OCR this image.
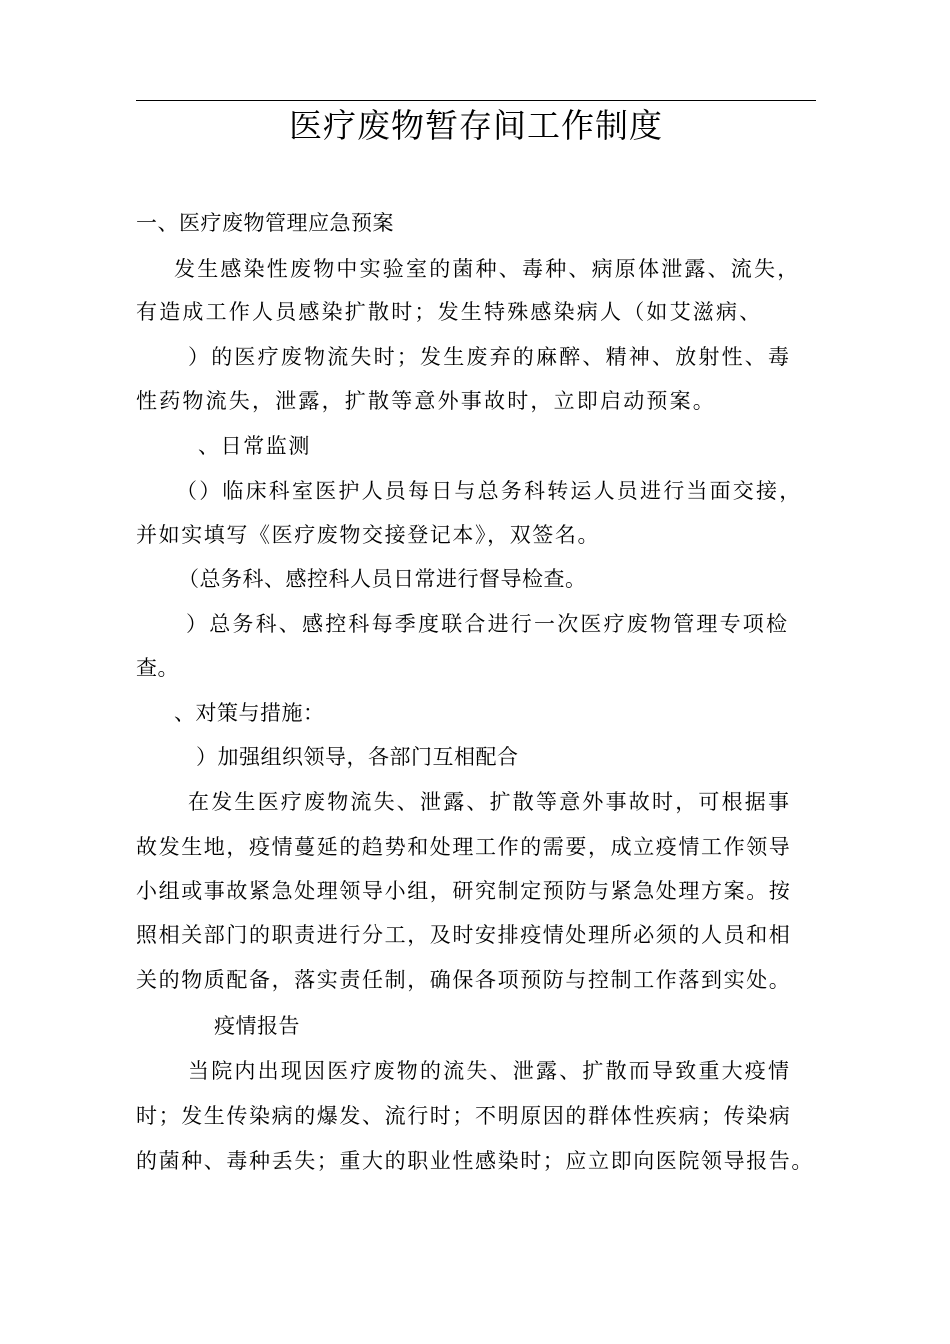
医疗废物暂存间工作制度
一、医疗废物管理应急预案
发生感染性废物中实验室的菌种、毒种、病原体泄露、流失，
有造成工作人员感染扩散时；发生特殊感染病人（如艾滋病、
）的医疗废物流失时；发生废弃的麻醉、精神、放射性、毒
性药物流失，泄露，扩散等意外事故时，立即启动预案。
、日常监测
（）临床科室医护人员每日与总务科转运人员进行当面交接，
并如实填写《医疗废物交接登记本》，双签名。
（总务科、感控科人员日常进行督导检查。
）总务科、感控科每季度联合进行一次医疗废物管理专项检
查。
、对策与措施：
）加强组织领导，各部门互相配合
在发生医疗废物流失、泄露、扩散等意外事故时，可根据事
故发生地，疫情蔓延的趋势和处理工作的需要，成立疫情工作领导
小组或事故紧急处理领导小组，研究制定预防与紧急处理方案。按
照相关部门的职责进行分工，及时安排疫情处理所必须的人员和相
关的物质配备，落实责任制，确保各项预防与控制工作落到实处。
疫情报告
当院内出现因医疗废物的流失、泄露、扩散而导致重大疫情
时；发生传染病的爆发、流行时；不明原因的群体性疾病；传染病
的菌种、毒种丢失；重大的职业性感染时；应立即向医院领导报告。
